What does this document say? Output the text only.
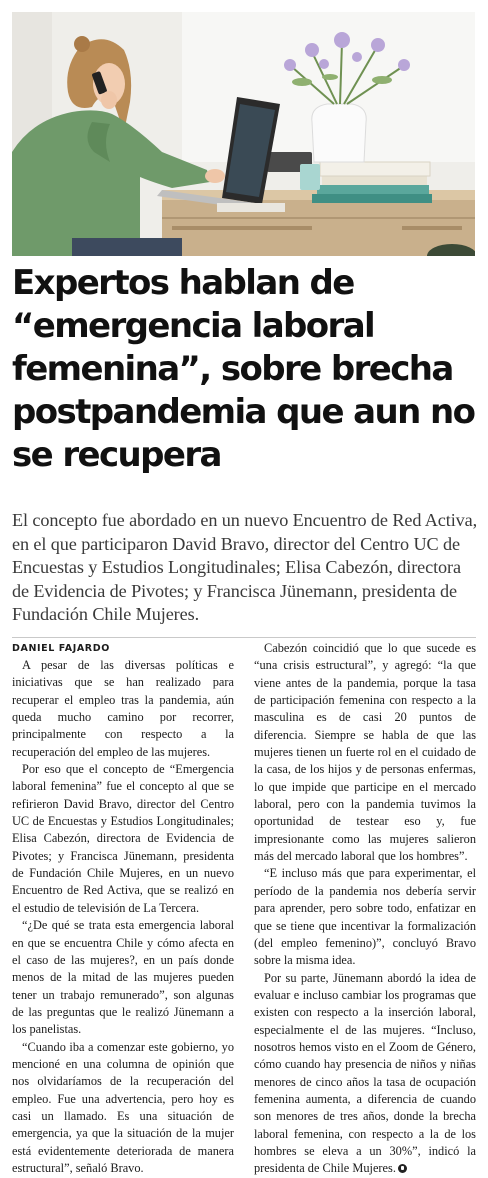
Expertos hablan de “emergencia laboral femenina”, sobre brecha postpandemia que aun no se recupera

El concepto fue abordado en un nuevo Encuentro de Red Activa, en el que participaron David Bravo, director del Centro UC de Encuestas y Estudios Longitudinales; Elisa Cabezón, directora de Evidencia de Pivotes; y Francisca Jünemann, presidenta de Fundación Chile Mujeres.

DANIEL FAJARDO

A pesar de las diversas políticas e iniciativas que se han realizado para recuperar el empleo tras la pandemia, aún queda mucho camino por recorrer, principalmente con respecto a la recuperación del empleo de las mujeres.

Por eso que el concepto de “Emergencia laboral femenina” fue el concepto al que se refirieron David Bravo, director del Centro UC de Encuestas y Estudios Longitudinales; Elisa Cabezón, directora de Evidencia de Pivotes; y Francisca Jünemann, presidenta de Fundación Chile Mujeres, en un nuevo Encuentro de Red Activa, que se realizó en el estudio de televisión de La Tercera.

“¿De qué se trata esta emergencia laboral en que se encuentra Chile y cómo afecta en el caso de las mujeres?, en un país donde menos de la mitad de las mujeres pueden tener un trabajo remunerado”, son algunas de las preguntas que le realizó Jünemann a los panelistas.

“Cuando iba a comenzar este gobierno, yo mencioné en una columna de opinión que nos olvidaríamos de la recuperación del empleo. Fue una advertencia, pero hoy es casi un llamado. Es una situación de emergencia, ya que la situación de la mujer está evidentemente deteriorada de manera estructural”, señaló Bravo.

Cabezón coincidió que lo que sucede es “una crisis estructural”, y agregó: “la que viene antes de la pandemia, porque la tasa de participación femenina con respecto a la masculina es de casi 20 puntos de diferencia. Siempre se habla de que las mujeres tienen un fuerte rol en el cuidado de la casa, de los hijos y de personas enfermas, lo que impide que participe en el mercado laboral, pero con la pandemia tuvimos la oportunidad de testear eso y, fue impresionante como las mujeres salieron más del mercado laboral que los hombres”.

“E incluso más que para experimentar, el período de la pandemia nos debería servir para aprender, pero sobre todo, enfatizar en que se tiene que incentivar la formalización (del empleo femenino)”, concluyó Bravo sobre la misma idea.

Por su parte, Jünemann abordó la idea de evaluar e incluso cambiar los programas que existen con respecto a la inserción laboral, especialmente el de las mujeres. “Incluso, nosotros hemos visto en el Zoom de Género, cómo cuando hay presencia de niños y niñas menores de cinco años la tasa de ocupación femenina aumenta, a diferencia de cuando son menores de tres años, donde la brecha laboral femenina, con respecto a la de los hombres se eleva a un 30%”, indicó la presidenta de Chile Mujeres.
